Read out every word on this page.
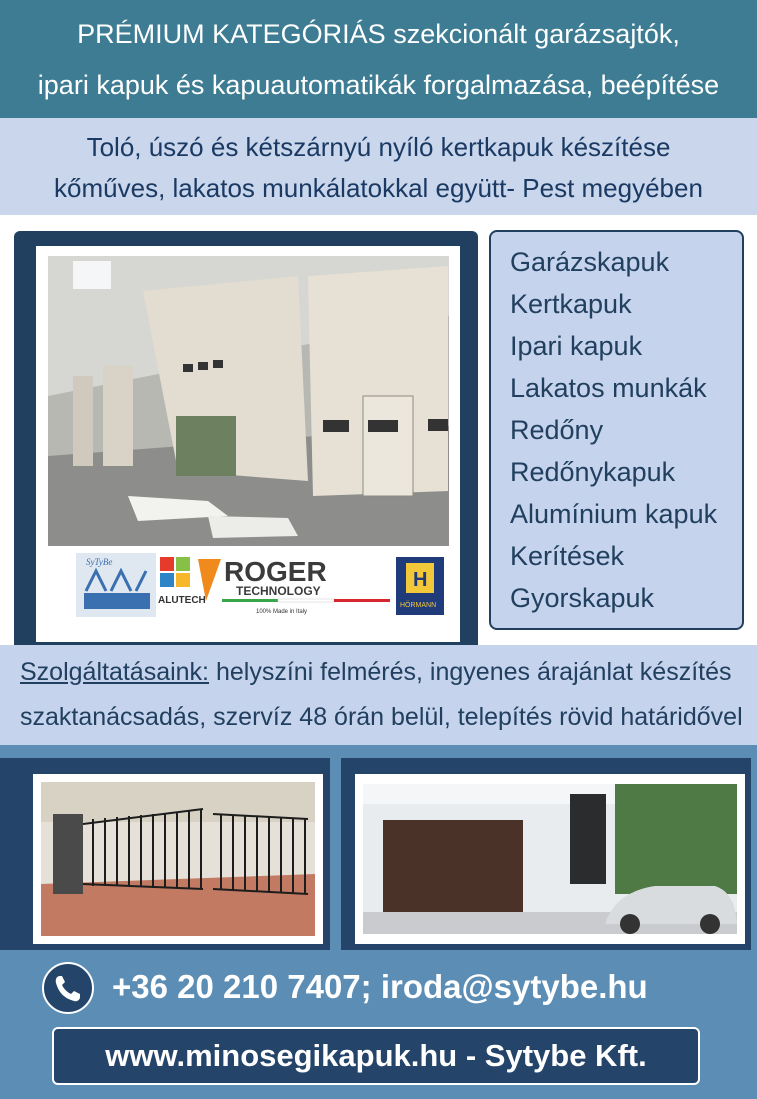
PRÉMIUM KATEGÓRIÁS szekcionált garázsajtók,
ipari kapuk és kapuautomatikák forgalmazása, beépítése
Toló, úszó és kétszárnyú nyíló kertkapuk készítése
kőműves, lakatos munkálatokkal együtt- Pest megyében
SyTyBe
ALUTECH
ROGER
TECHNOLOGY
100% Made in Italy
H
HÖRMANN
Garázskapuk
Kertkapuk
Ipari kapuk
Lakatos munkák
Redőny
Redőnykapuk
Alumínium kapuk
Kerítések
Gyorskapuk
Szolgáltatásaink: helyszíni felmérés, ingyenes árajánlat készítés
szaktanácsadás, szervíz 48 órán belül, telepítés rövid határidővel
+36 20 210 7407; iroda@sytybe.hu
www.minosegikapuk.hu - Sytybe Kft.
